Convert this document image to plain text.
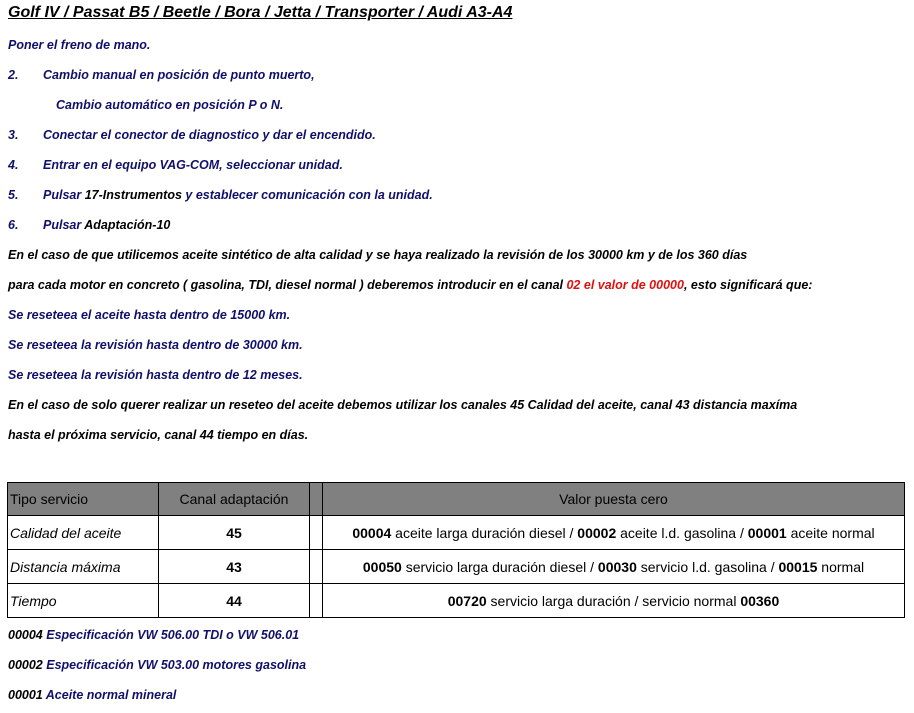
Golf IV / Passat B5 / Beetle / Bora / Jetta / Transporter / Audi A3-A4
Poner el freno de mano.
2. Cambio manual en posición de punto muerto,
Cambio automático en posición P o N.
3. Conectar el conector de diagnostico y dar el encendido.
4. Entrar en el equipo VAG-COM, seleccionar unidad.
5. Pulsar 17-Instrumentos y establecer comunicación con la unidad.
6. Pulsar Adaptación-10
En el caso de que utilicemos aceite sintético de alta calidad y se haya realizado la revisión de los 30000 km y de los 360 días
para cada motor en concreto ( gasolina, TDI, diesel normal ) deberemos introducir en el canal 02 el valor de 00000, esto significará que:
Se reseteea el aceite hasta dentro de 15000 km.
Se reseteea la revisión hasta dentro de 30000 km.
Se reseteea la revisión hasta dentro de 12 meses.
En el caso de solo querer realizar un reseteo del aceite debemos utilizar los canales 45 Calidad del aceite, canal 43 distancia maxíma
hasta el próxima servicio, canal 44 tiempo en días.
Tipo servicio	Canal adaptación		Valor puesta cero
Calidad del aceite	45		00004 aceite larga duración diesel / 00002 aceite l.d. gasolina / 00001 aceite normal
Distancia máxima	43		00050 servicio larga duración diesel / 00030 servicio l.d. gasolina / 00015 normal
Tiempo	44		00720 servicio larga duración / servicio normal 00360
00004 Especificación VW 506.00 TDI o VW 506.01
00002 Especificación VW 503.00 motores gasolina
00001 Aceite normal mineral
